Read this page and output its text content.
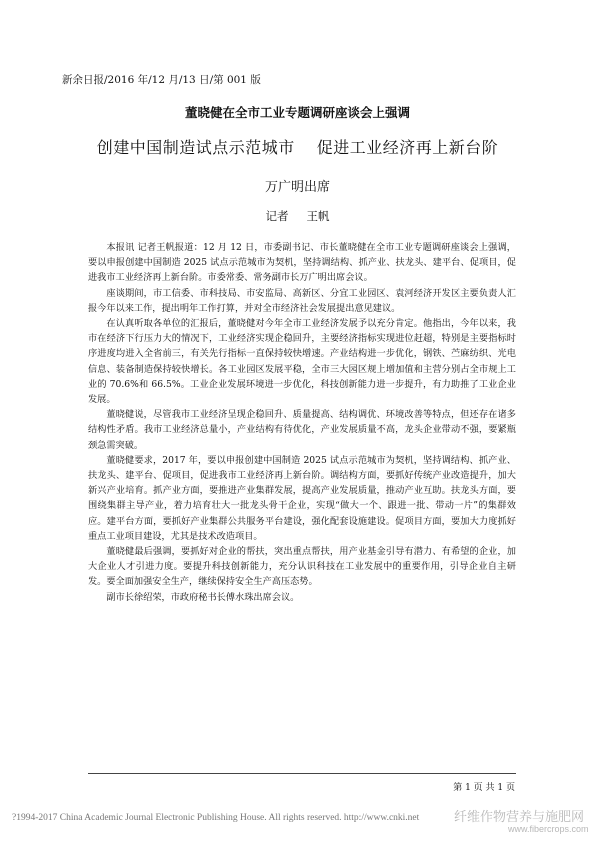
新余日报/2016 年/12 月/13 日/第 001 版
董晓健在全市工业专题调研座谈会上强调
创建中国制造试点示范城市 促进工业经济再上新台阶
万广明出席
记者 王帆

本报讯 记者王帆报道：12 月 12 日，市委副书记、市长董晓健在全市工业专题调研座谈会上强调，要以申报创建中国制造 2025 试点示范城市为契机，坚持调结构、抓产业、扶龙头、建平台、促项目，促进我市工业经济再上新台阶。市委常委、常务副市长万广明出席会议。

座谈期间，市工信委、市科技局、市安监局、高新区、分宜工业园区、袁河经济开发区主要负责人汇报今年以来工作，提出明年工作打算，并对全市经济社会发展提出意见建议。

在认真听取各单位的汇报后，董晓健对今年全市工业经济发展予以充分肯定。他指出，今年以来，我市在经济下行压力大的情况下，工业经济实现企稳回升，主要经济指标实现进位赶超，特别是主要指标时序进度均进入全省前三，有关先行指标一直保持较快增速。产业结构进一步优化，钢铁、苎麻纺织、光电信息、装备制造保持较快增长。各工业园区发展平稳，全市三大园区规上增加值和主营分别占全市规上工业的 70.6%和 66.5%。工业企业发展环境进一步优化，科技创新能力进一步提升，有力助推了工业企业发展。

董晓健说，尽管我市工业经济呈现企稳回升、质量提高、结构调优、环境改善等特点，但还存在诸多结构性矛盾。我市工业经济总量小，产业结构有待优化，产业发展质量不高，龙头企业带动不强，要紧瓶颈急需突破。

董晓健要求，2017 年，要以申报创建中国制造 2025 试点示范城市为契机，坚持调结构、抓产业、扶龙头、建平台、促项目，促进我市工业经济再上新台阶。调结构方面，要抓好传统产业改造提升，加大新兴产业培育。抓产业方面，要推进产业集群发展，提高产业发展质量，推动产业互助。扶龙头方面，要围绕集群主导产业，着力培育壮大一批龙头骨干企业，实现“做大一个、跟进一批、带动一片”的集群效应。建平台方面，要抓好产业集群公共服务平台建设，强化配套设施建设。促项目方面，要加大力度抓好重点工业项目建设，尤其是技术改造项目。

董晓健最后强调，要抓好对企业的帮扶，突出重点帮扶，用产业基金引导有潜力、有希望的企业，加大企业人才引进力度。要提升科技创新能力，充分认识科技在工业发展中的重要作用，引导企业自主研发。要全面加强安全生产，继续保持安全生产高压态势。

副市长徐绍荣，市政府秘书长傅水珠出席会议。

第 1 页 共 1 页
?1994-2017 China Academic Journal Electronic Publishing House. All rights reserved. http://www.cnki.net	纤维作物营养与施肥网
www.fibercrops.com
